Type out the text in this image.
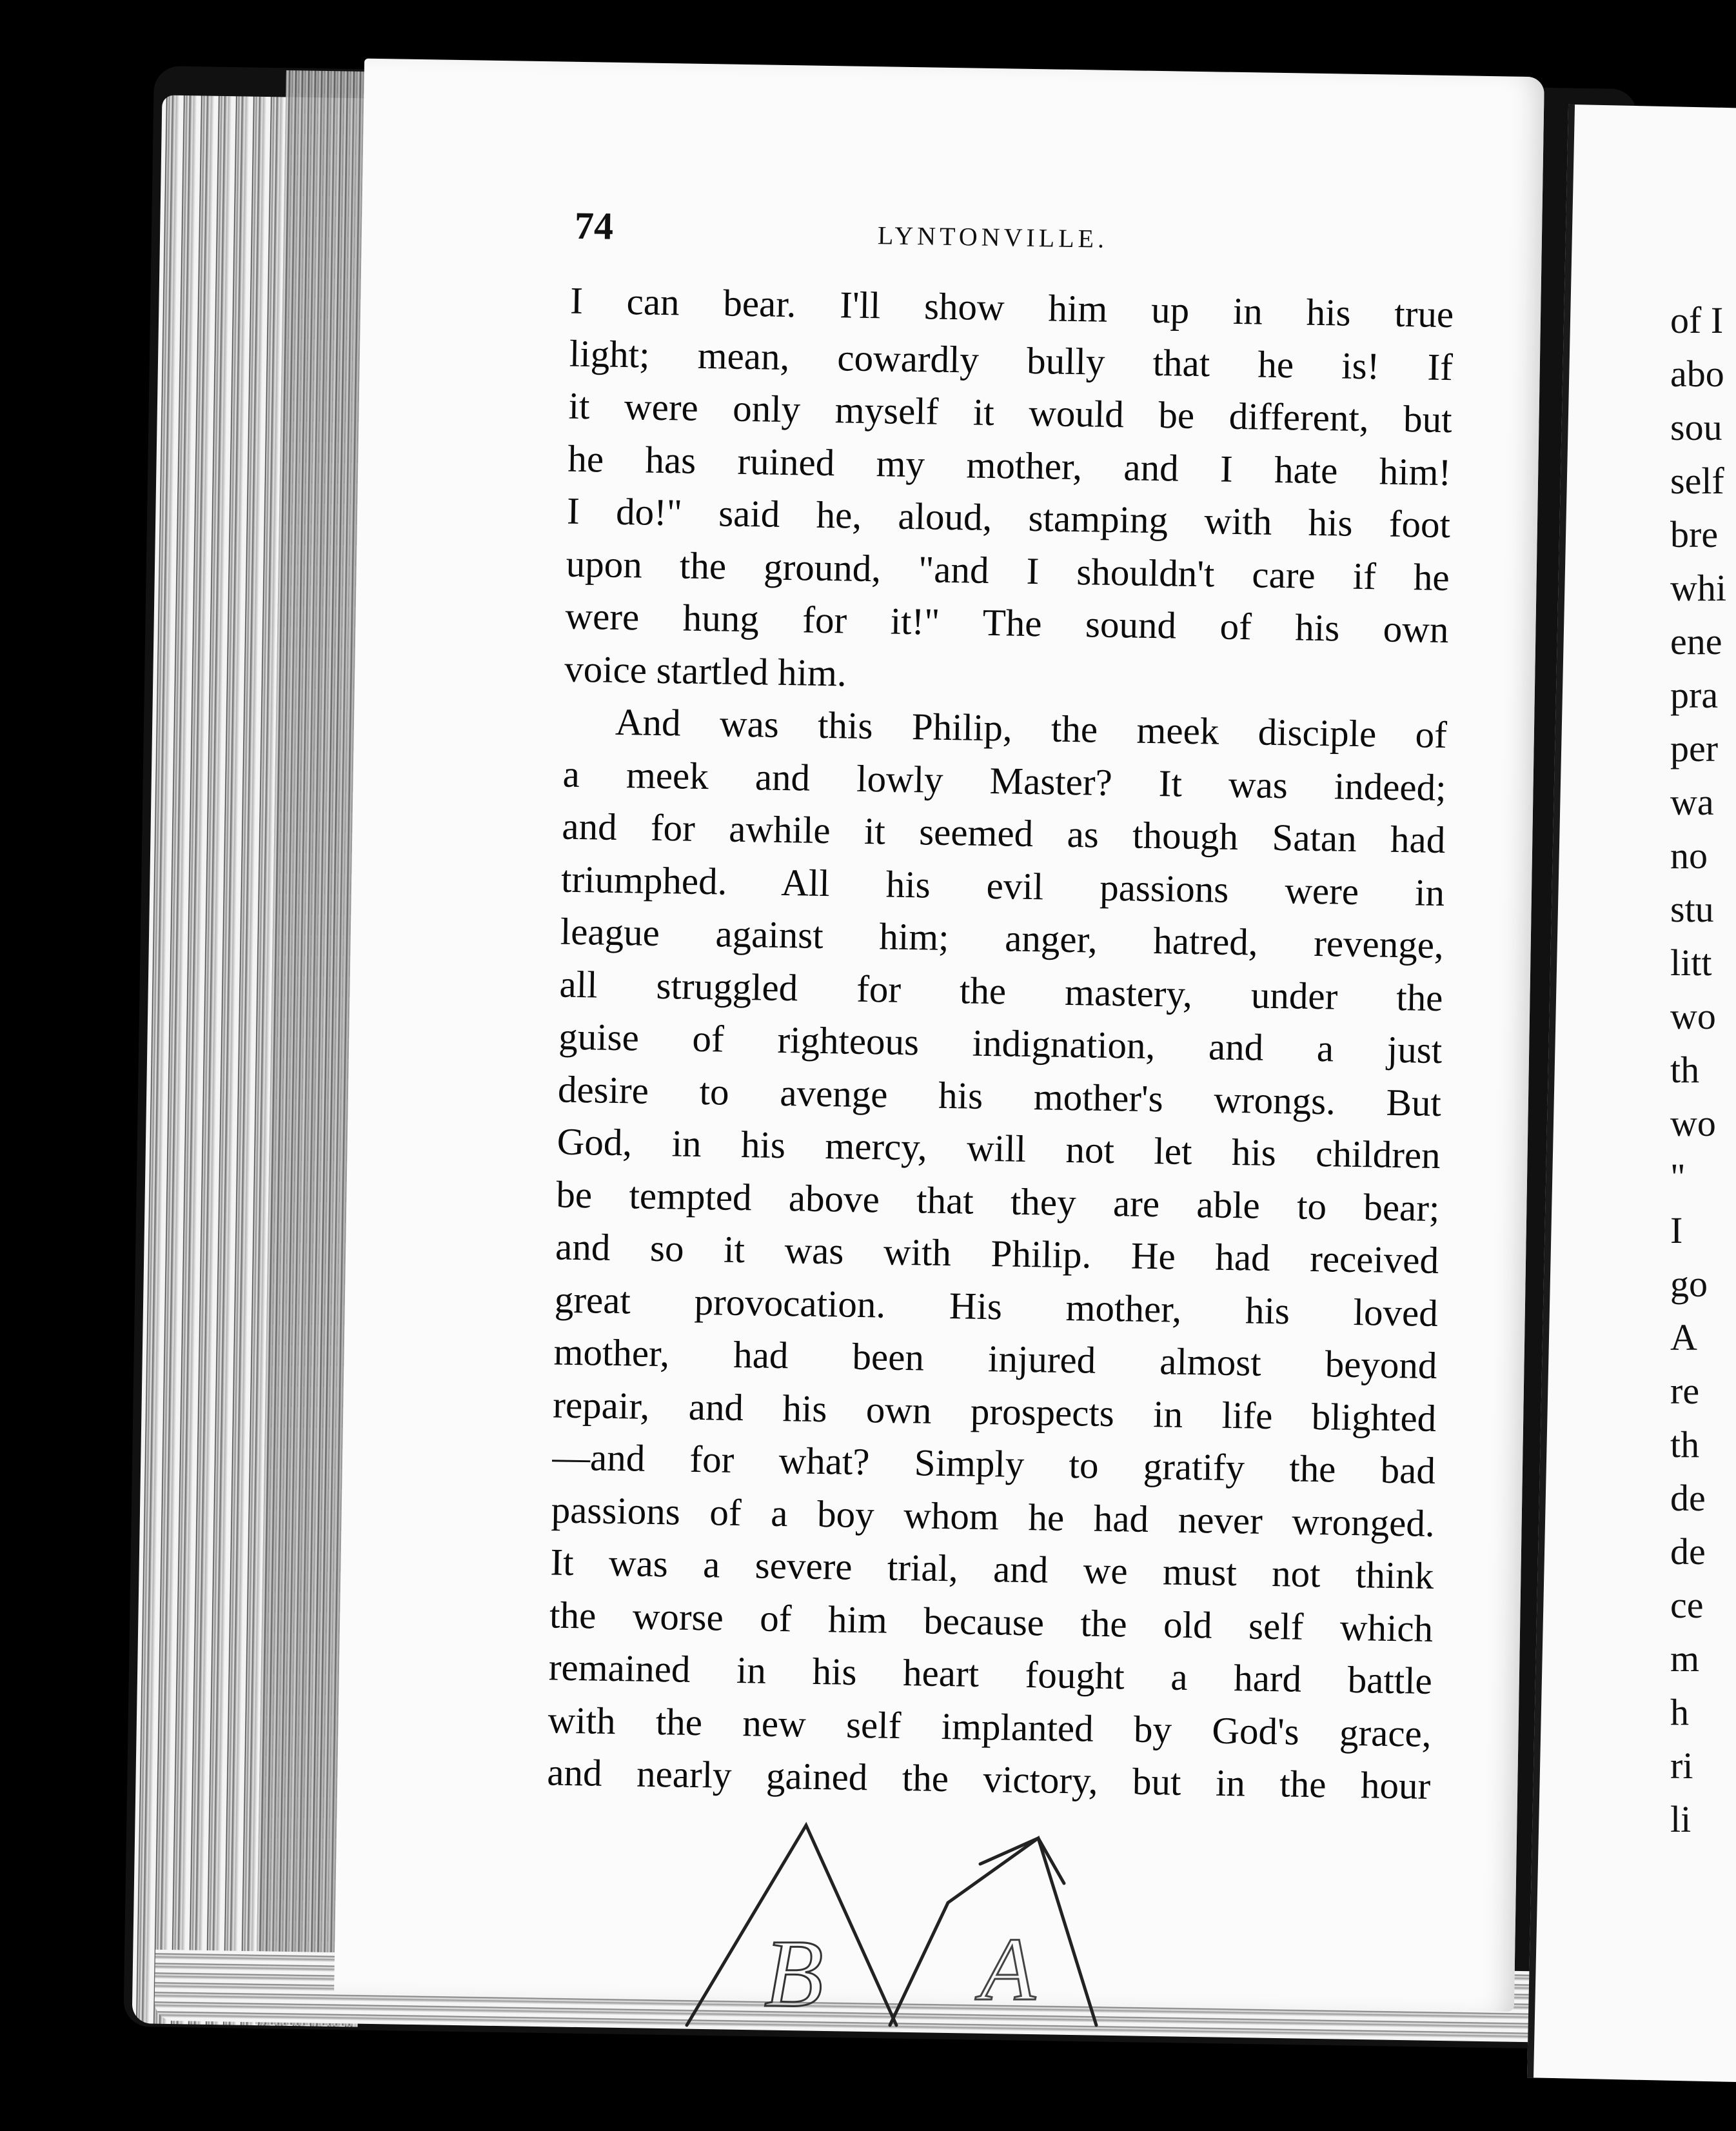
74	LYNTONVILLE.
I can bear. I'll show him up in his true
light; mean, cowardly bully that he is! If
it were only myself it would be different, but
he has ruined my mother, and I hate him!
I do!" said he, aloud, stamping with his foot
upon the ground, "and I shouldn't care if he
were hung for it!" The sound of his own
voice startled him.
And was this Philip, the meek disciple of
a meek and lowly Master? It was indeed;
and for awhile it seemed as though Satan had
triumphed. All his evil passions were in
league against him; anger, hatred, revenge,
all struggled for the mastery, under the
guise of righteous indignation, and a just
desire to avenge his mother's wrongs. But
God, in his mercy, will not let his children
be tempted above that they are able to bear;
and so it was with Philip. He had received
great provocation. His mother, his loved
mother, had been injured almost beyond
repair, and his own prospects in life blighted
—and for what? Simply to gratify the bad
passions of a boy whom he had never wronged.
It was a severe trial, and we must not think
the worse of him because the old self which
remained in his heart fought a hard battle
with the new self implanted by God's grace,
and nearly gained the victory, but in the hour
of I
abo
sou
self
bre
whi
ene
pra
per
wa
no
stu
litt
wo
th
wo
"
I
go
A
re
th
de
de
ce
m
h
ri
li
B A
